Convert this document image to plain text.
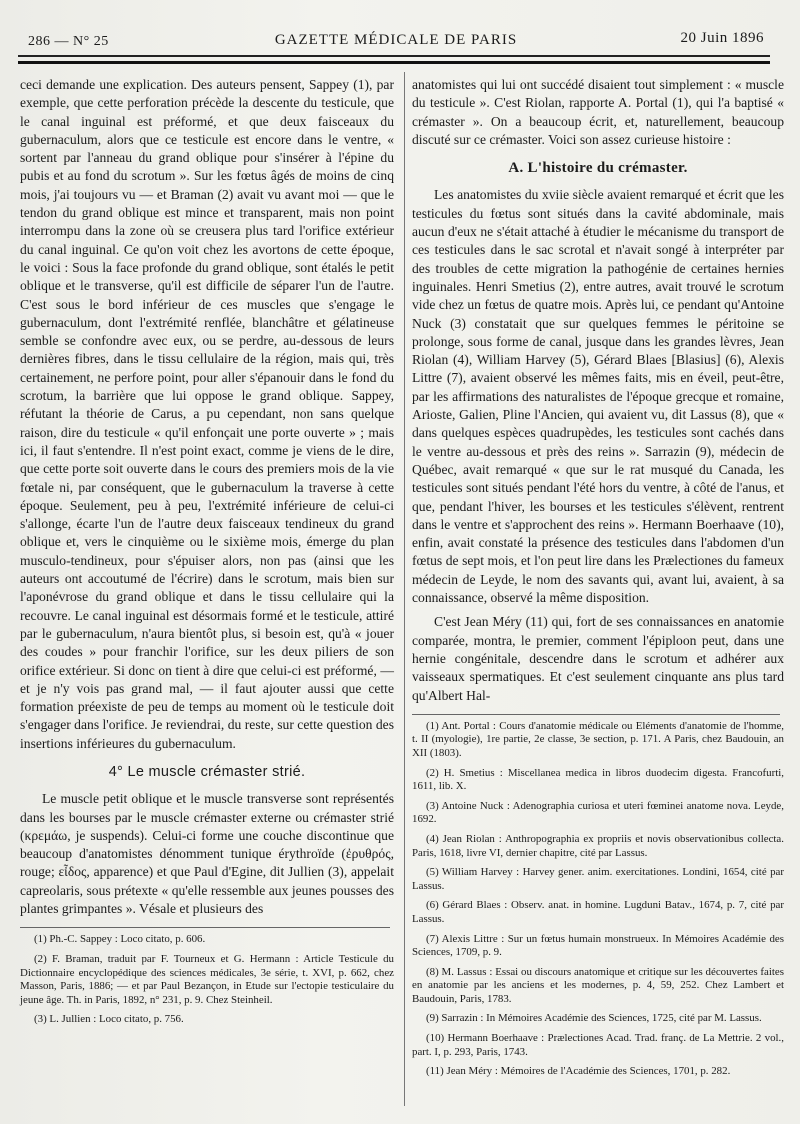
286 — N° 25	GAZETTE MÉDICALE DE PARIS	20 Juin 1896

ceci demande une explication. Des auteurs pensent, Sappey (1), par exemple, que cette perforation précède la descente du testicule, que le canal inguinal est préformé, et que deux faisceaux du gubernaculum, alors que ce testicule est encore dans le ventre, « sortent par l'anneau du grand oblique pour s'insérer à l'épine du pubis et au fond du scrotum ». Sur les fœtus âgés de moins de cinq mois, j'ai toujours vu — et Braman (2) avait vu avant moi — que le tendon du grand oblique est mince et transparent, mais non point interrompu dans la zone où se creusera plus tard l'orifice extérieur du canal inguinal. Ce qu'on voit chez les avortons de cette époque, le voici : Sous la face profonde du grand oblique, sont étalés le petit oblique et le transverse, qu'il est difficile de séparer l'un de l'autre. C'est sous le bord inférieur de ces muscles que s'engage le gubernaculum, dont l'extrémité renflée, blanchâtre et gélatineuse semble se confondre avec eux, ou se perdre, au-dessous de leurs dernières fibres, dans le tissu cellulaire de la région, mais qui, très certainement, ne perfore point, pour aller s'épanouir dans le fond du scrotum, la barrière que lui oppose le grand oblique. Sappey, réfutant la théorie de Carus, a pu cependant, non sans quelque raison, dire du testicule « qu'il enfonçait une porte ouverte » ; mais ici, il faut s'entendre. Il n'est point exact, comme je viens de le dire, que cette porte soit ouverte dans le cours des premiers mois de la vie fœtale ni, par conséquent, que le gubernaculum la traverse à cette époque. Seulement, peu à peu, l'extrémité inférieure de celui-ci s'allonge, écarte l'un de l'autre deux faisceaux tendineux du grand oblique et, vers le cinquième ou le sixième mois, émerge du plan musculo-tendineux, pour s'épuiser alors, non pas (ainsi que les auteurs ont accoutumé de l'écrire) dans le scrotum, mais bien sur l'aponévrose du grand oblique et dans le tissu cellulaire qui la recouvre. Le canal inguinal est désormais formé et le testicule, attiré par le gubernaculum, n'aura bientôt plus, si besoin est, qu'à « jouer des coudes » pour franchir l'orifice, sur les deux piliers de son orifice extérieur. Si donc on tient à dire que celui-ci est préformé, — et je n'y vois pas grand mal, — il faut ajouter aussi que cette formation préexiste de peu de temps au moment où le testicule doit s'engager dans l'orifice. Je reviendrai, du reste, sur cette question des insertions inférieures du gubernaculum.

4° Le muscle crémaster strié.

Le muscle petit oblique et le muscle transverse sont représentés dans les bourses par le muscle crémaster externe ou crémaster strié (κρεμάω, je suspends). Celui-ci forme une couche discontinue que beaucoup d'anatomistes dénomment tunique érythroïde (ἐρυθρός, rouge; εἶδος, apparence) et que Paul d'Egine, dit Jullien (3), appelait capreolaris, sous prétexte « qu'elle ressemble aux jeunes pousses des plantes grimpantes ». Vésale et plusieurs des

(1) Ph.-C. Sappey : Loco citato, p. 606.

(2) F. Braman, traduit par F. Tourneux et G. Hermann : Article Testicule du Dictionnaire encyclopédique des sciences médicales, 3e série, t. XVI, p. 662, chez Masson, Paris, 1886; — et par Paul Bezançon, in Etude sur l'ectopie testiculaire du jeune âge. Th. in Paris, 1892, n° 231, p. 9. Chez Steinheil.

(3) L. Jullien : Loco citato, p. 756.

anatomistes qui lui ont succédé disaient tout simplement : « muscle du testicule ». C'est Riolan, rapporte A. Portal (1), qui l'a baptisé « crémaster ». On a beaucoup écrit, et, naturellement, beaucoup discuté sur ce crémaster. Voici son assez curieuse histoire :

A. L'histoire du crémaster.

Les anatomistes du xviie siècle avaient remarqué et écrit que les testicules du fœtus sont situés dans la cavité abdominale, mais aucun d'eux ne s'était attaché à étudier le mécanisme du transport de ces testicules dans le sac scrotal et n'avait songé à interpréter par des troubles de cette migration la pathogénie de certaines hernies inguinales. Henri Smetius (2), entre autres, avait trouvé le scrotum vide chez un fœtus de quatre mois. Après lui, ce pendant qu'Antoine Nuck (3) constatait que sur quelques femmes le péritoine se prolonge, sous forme de canal, jusque dans les grandes lèvres, Jean Riolan (4), William Harvey (5), Gérard Blaes [Blasius] (6), Alexis Littre (7), avaient observé les mêmes faits, mis en éveil, peut-être, par les affirmations des naturalistes de l'époque grecque et romaine, Arioste, Galien, Pline l'Ancien, qui avaient vu, dit Lassus (8), que « dans quelques espèces quadrupèdes, les testicules sont cachés dans le ventre au-dessous et près des reins ». Sarrazin (9), médecin de Québec, avait remarqué « que sur le rat musqué du Canada, les testicules sont situés pendant l'été hors du ventre, à côté de l'anus, et que, pendant l'hiver, les bourses et les testicules s'élèvent, rentrent dans le ventre et s'approchent des reins ». Hermann Boerhaave (10), enfin, avait constaté la présence des testicules dans l'abdomen d'un fœtus de sept mois, et l'on peut lire dans les Prælectiones du fameux médecin de Leyde, le nom des savants qui, avant lui, avaient, à sa connaissance, observé la même disposition.

C'est Jean Méry (11) qui, fort de ses connaissances en anatomie comparée, montra, le premier, comment l'épiploon peut, dans une hernie congénitale, descendre dans le scrotum et adhérer aux vaisseaux spermatiques. Et c'est seulement cinquante ans plus tard qu'Albert Hal-

(1) Ant. Portal : Cours d'anatomie médicale ou Eléments d'anatomie de l'homme, t. II (myologie), 1re partie, 2e classe, 3e section, p. 171. A Paris, chez Baudouin, an XII (1803).

(2) H. Smetius : Miscellanea medica in libros duodecim digesta. Francofurti, 1611, lib. X.

(3) Antoine Nuck : Adenographia curiosa et uteri fœminei anatome nova. Leyde, 1692.

(4) Jean Riolan : Anthropographia ex propriis et novis observationibus collecta. Paris, 1618, livre VI, dernier chapitre, cité par Lassus.

(5) William Harvey : Harvey gener. anim. exercitationes. Londini, 1654, cité par Lassus.

(6) Gérard Blaes : Observ. anat. in homine. Lugduni Batav., 1674, p. 7, cité par Lassus.

(7) Alexis Littre : Sur un fœtus humain monstrueux. In Mémoires Académie des Sciences, 1709, p. 9.

(8) M. Lassus : Essai ou discours anatomique et critique sur les découvertes faites en anatomie par les anciens et les modernes, p. 4, 59, 252. Chez Lambert et Baudouin, Paris, 1783.

(9) Sarrazin : In Mémoires Académie des Sciences, 1725, cité par M. Lassus.

(10) Hermann Boerhaave : Prælectiones Acad. Trad. franç. de La Mettrie. 2 vol., part. I, p. 293, Paris, 1743.

(11) Jean Méry : Mémoires de l'Académie des Sciences, 1701, p. 282.
